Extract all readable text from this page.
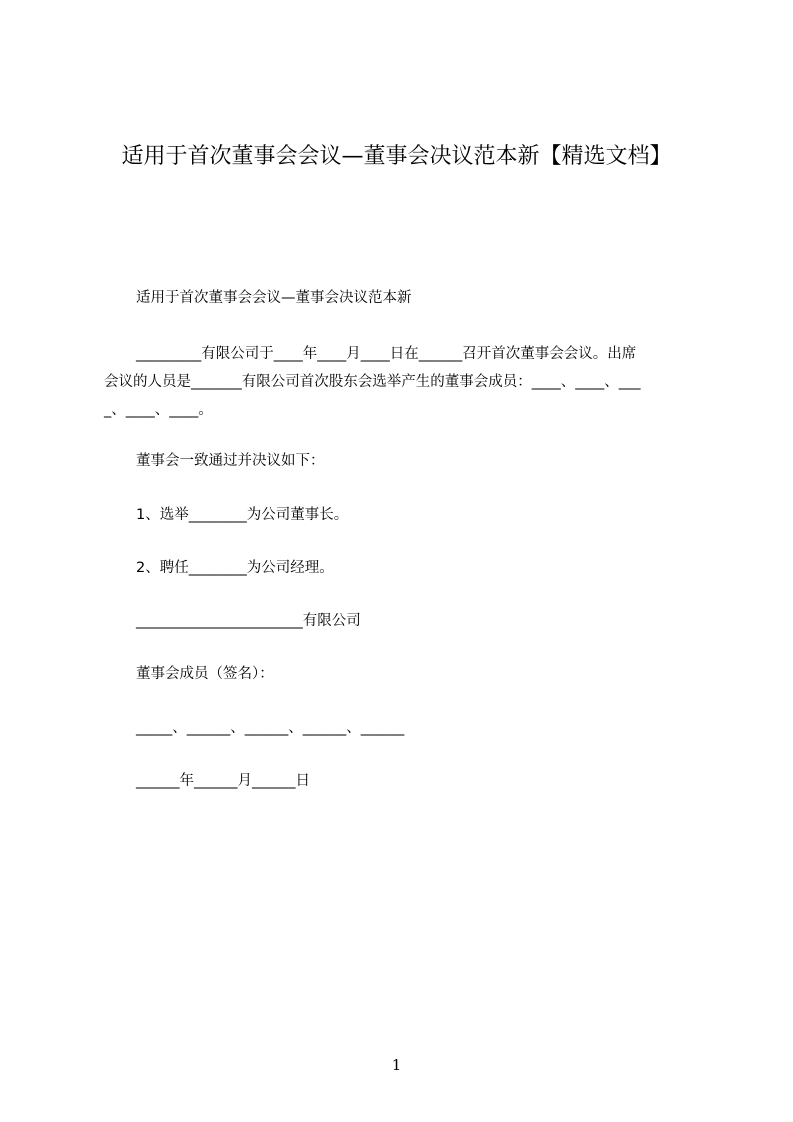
适用于首次董事会会议—董事会决议范本新【精选文档】
适用于首次董事会会议—董事会决议范本新
_________有限公司于____年____月____日在______召开首次董事会会议。出席
会议的人员是_______有限公司首次股东会选举产生的董事会成员：____、____、___
_、____、____。
董事会一致通过并决议如下：
1、选举________为公司董事长。
2、聘任________为公司经理。
_______________________有限公司
董事会成员（签名）：
_____、______、______、______、______
______年______月______日
1
